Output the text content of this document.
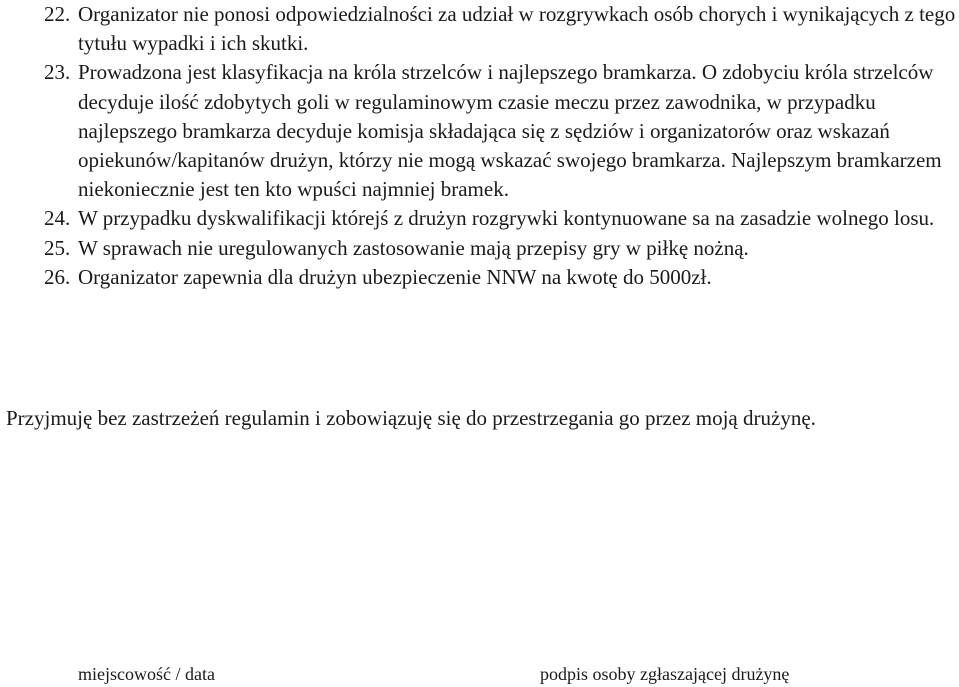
22. Organizator nie ponosi odpowiedzialności za udział w rozgrywkach osób chorych i wynikających z tego tytułu wypadki i ich skutki.
23. Prowadzona jest klasyfikacja na króla strzelców i najlepszego bramkarza. O zdobyciu króla strzelców decyduje ilość zdobytych goli w regulaminowym czasie meczu przez zawodnika, w przypadku najlepszego bramkarza decyduje komisja składająca się z sędziów i organizatorów oraz wskazań opiekunów/kapitanów drużyn, którzy nie mogą wskazać swojego bramkarza. Najlepszym bramkarzem niekoniecznie jest ten kto wpuści najmniej bramek.
24. W przypadku dyskwalifikacji którejś z drużyn rozgrywki kontynuowane sa na zasadzie wolnego losu.
25. W sprawach nie uregulowanych zastosowanie mają przepisy gry w piłkę nożną.
26. Organizator zapewnia dla drużyn ubezpieczenie NNW na kwotę do 5000zł.

Przyjmuję bez zastrzeżeń regulamin i zobowiązuję się do przestrzegania go przez moją drużynę.

miejscowość / data	podpis osoby zgłaszającej drużynę
